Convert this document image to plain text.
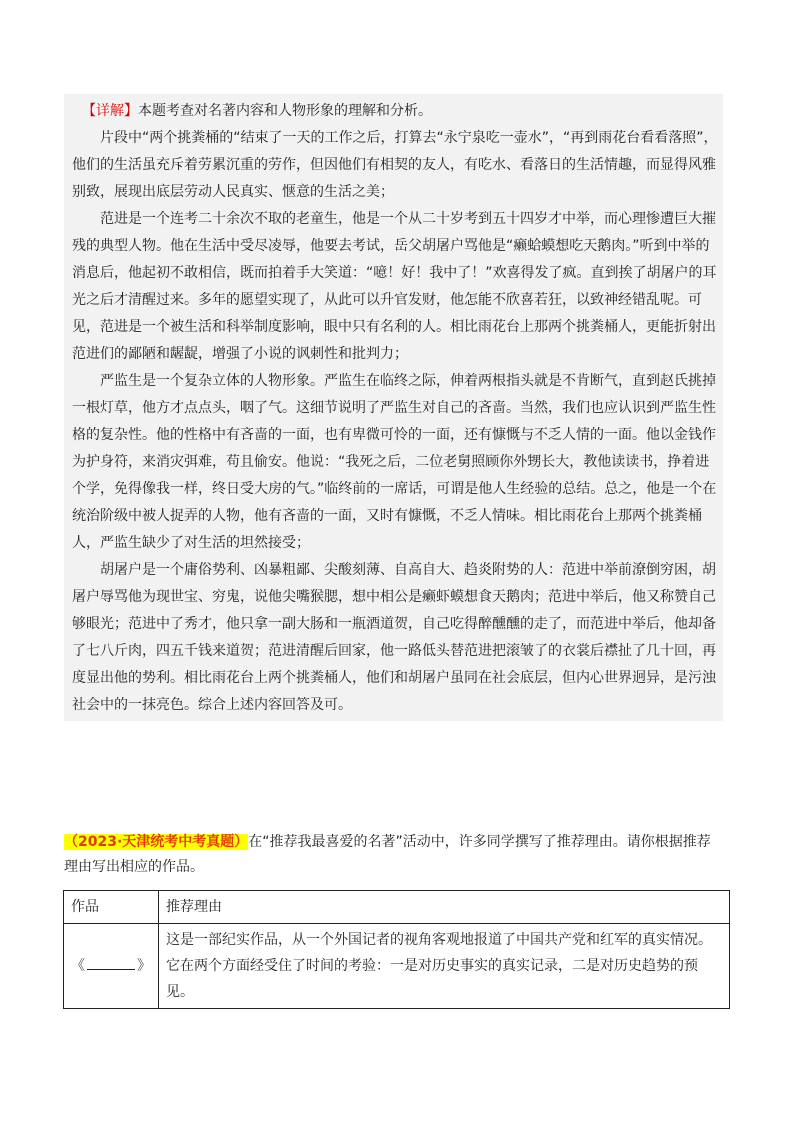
【详解】本题考查对名著内容和人物形象的理解和分析。

片段中“两个挑粪桶的“结束了一天的工作之后，打算去“永宁泉吃一壶水”，“再到雨花台看看落照”，他们的生活虽充斥着劳累沉重的劳作，但因他们有相契的友人，有吃水、看落日的生活情趣，而显得风雅别致，展现出底层劳动人民真实、惬意的生活之美；

范进是一个连考二十余次不取的老童生，他是一个从二十岁考到五十四岁才中举，而心理惨遭巨大摧残的典型人物。他在生活中受尽凌辱，他要去考试，岳父胡屠户骂他是“癞蛤蟆想吃天鹅肉。”听到中举的消息后，他起初不敢相信，既而拍着手大笑道：“噫！好！我中了！”欢喜得发了疯。直到挨了胡屠户的耳光之后才清醒过来。多年的愿望实现了，从此可以升官发财，他怎能不欣喜若狂，以致神经错乱呢。可见，范进是一个被生活和科举制度影响，眼中只有名利的人。相比雨花台上那两个挑粪桶人，更能折射出范进们的鄙陋和龌龊，增强了小说的讽刺性和批判力；

严监生是一个复杂立体的人物形象。严监生在临终之际，伸着两根指头就是不肯断气，直到赵氏挑掉一根灯草，他方才点点头，咽了气。这细节说明了严监生对自己的吝啬。当然，我们也应认识到严监生性格的复杂性。他的性格中有吝啬的一面，也有卑微可怜的一面，还有慷慨与不乏人情的一面。他以金钱作为护身符，来消灾弭难，苟且偷安。他说：“我死之后，二位老舅照顾你外甥长大，教他读读书，挣着进个学，免得像我一样，终日受大房的气。”临终前的一席话，可谓是他人生经验的总结。总之，他是一个在统治阶级中被人捉弄的人物，他有吝啬的一面，又时有慷慨，不乏人情味。相比雨花台上那两个挑粪桶人，严监生缺少了对生活的坦然接受；

胡屠户是一个庸俗势利、凶暴粗鄙、尖酸刻薄、自高自大、趋炎附势的人：范进中举前潦倒穷困，胡屠户辱骂他为现世宝、穷鬼，说他尖嘴猴腮，想中相公是癞虾蟆想食天鹅肉；范进中举后，他又称赞自己够眼光；范进中了秀才，他只拿一副大肠和一瓶酒道贺，自己吃得醉醺醺的走了，而范进中举后，他却备了七八斤肉，四五千钱来道贺；范进清醒后回家，他一路低头替范进把滚皱了的衣裳后襟扯了几十回，再度显出他的势利。相比雨花台上两个挑粪桶人，他们和胡屠户虽同在社会底层，但内心世界迥异，是污浊社会中的一抹亮色。综合上述内容回答及可。

（2023·天津统考中考真题）在“推荐我最喜爱的名著”活动中，许多同学撰写了推荐理由。请你根据推荐理由写出相应的作品。

作品	推荐理由
《 》	这是一部纪实作品，从一个外国记者的视角客观地报道了中国共产党和红军的真实情况。它在两个方面经受住了时间的考验：一是对历史事实的真实记录，二是对历史趋势的预见。
